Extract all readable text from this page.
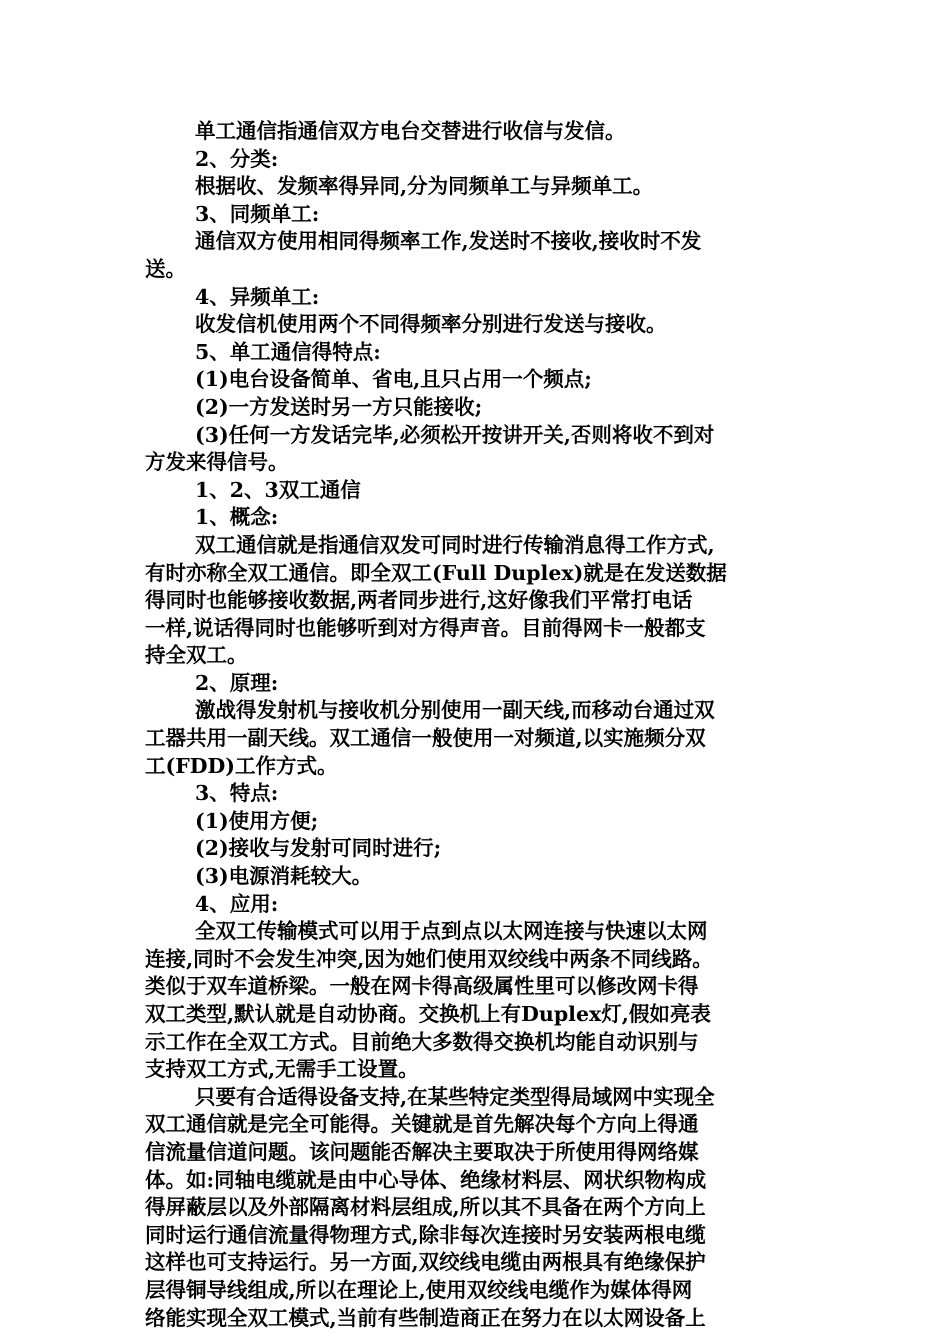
单工通信指通信双方电台交替进行收信与发信。
2、分类:
根据收、发频率得异同,分为同频单工与异频单工。
3、同频单工:
通信双方使用相同得频率工作,发送时不接收,接收时不发
送。
4、异频单工:
收发信机使用两个不同得频率分别进行发送与接收。
5、单工通信得特点:
(1)电台设备简单、省电,且只占用一个频点;
(2)一方发送时另一方只能接收;
(3)任何一方发话完毕,必须松开按讲开关,否则将收不到对
方发来得信号。
1、2、3双工通信
1、概念:
双工通信就是指通信双发可同时进行传输消息得工作方式,
有时亦称全双工通信。即全双工(Full Duplex)就是在发送数据
得同时也能够接收数据,两者同步进行,这好像我们平常打电话
一样,说话得同时也能够听到对方得声音。目前得网卡一般都支
持全双工。
2、原理:
激战得发射机与接收机分别使用一副天线,而移动台通过双
工器共用一副天线。双工通信一般使用一对频道,以实施频分双
工(FDD)工作方式。
3、特点:
(1)使用方便;
(2)接收与发射可同时进行;
(3)电源消耗较大。
4、应用:
全双工传输模式可以用于点到点以太网连接与快速以太网
连接,同时不会发生冲突,因为她们使用双绞线中两条不同线路。
类似于双车道桥梁。一般在网卡得高级属性里可以修改网卡得
双工类型,默认就是自动协商。交换机上有Duplex灯,假如亮表
示工作在全双工方式。目前绝大多数得交换机均能自动识别与
支持双工方式,无需手工设置。
只要有合适得设备支持,在某些特定类型得局域网中实现全
双工通信就是完全可能得。关键就是首先解决每个方向上得通
信流量信道问题。该问题能否解决主要取决于所使用得网络媒
体。如:同轴电缆就是由中心导体、绝缘材料层、网状织物构成
得屏蔽层以及外部隔离材料层组成,所以其不具备在两个方向上
同时运行通信流量得物理方式,除非每次连接时另安装两根电缆
这样也可支持运行。另一方面,双绞线电缆由两根具有绝缘保护
层得铜导线组成,所以在理论上,使用双绞线电缆作为媒体得网
络能实现全双工模式,当前有些制造商正在努力在以太网设备上
